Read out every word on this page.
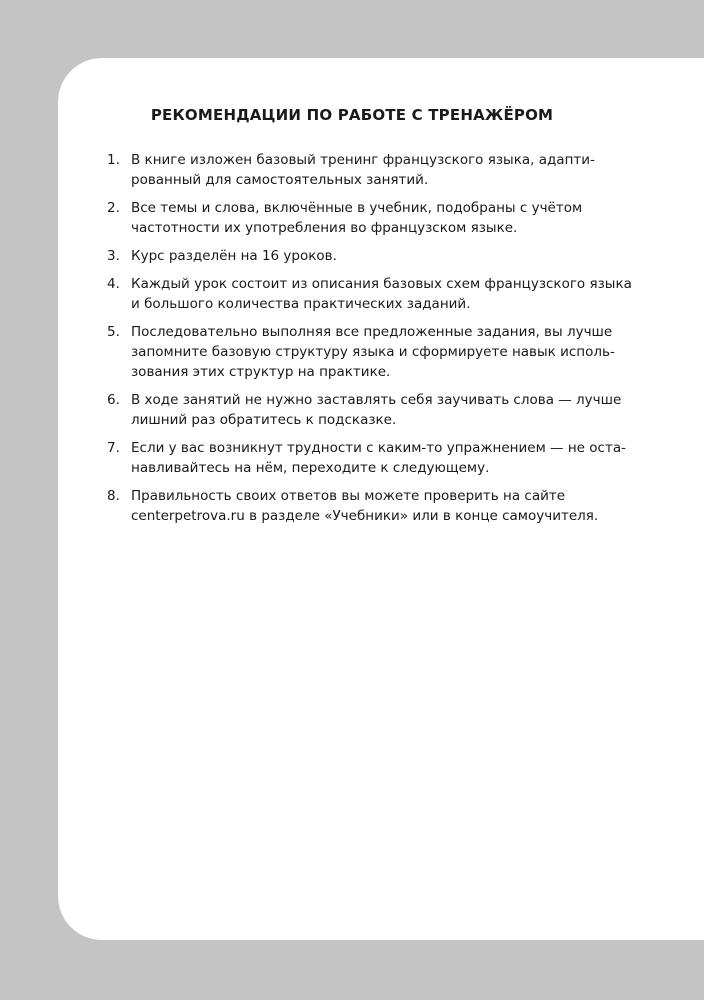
РЕКОМЕНДАЦИИ ПО РАБОТЕ С ТРЕНАЖЁРОМ
1. В книге изложен базовый тренинг французского языка, адапти-рованный для самостоятельных занятий.
2. Все темы и слова, включённые в учебник, подобраны с учётом частотности их употребления во французском языке.
3. Курс разделён на 16 уроков.
4. Каждый урок состоит из описания базовых схем французского языка и большого количества практических заданий.
5. Последовательно выполняя все предложенные задания, вы лучше запомните базовую структуру языка и сформируете навык исполь-зования этих структур на практике.
6. В ходе занятий не нужно заставлять себя заучивать слова — лучше лишний раз обратитесь к подсказке.
7. Если у вас возникнут трудности с каким-то упражнением — не оста-навливайтесь на нём, переходите к следующему.
8. Правильность своих ответов вы можете проверить на сайте centerpetrova.ru в разделе «Учебники» или в конце самоучителя.
